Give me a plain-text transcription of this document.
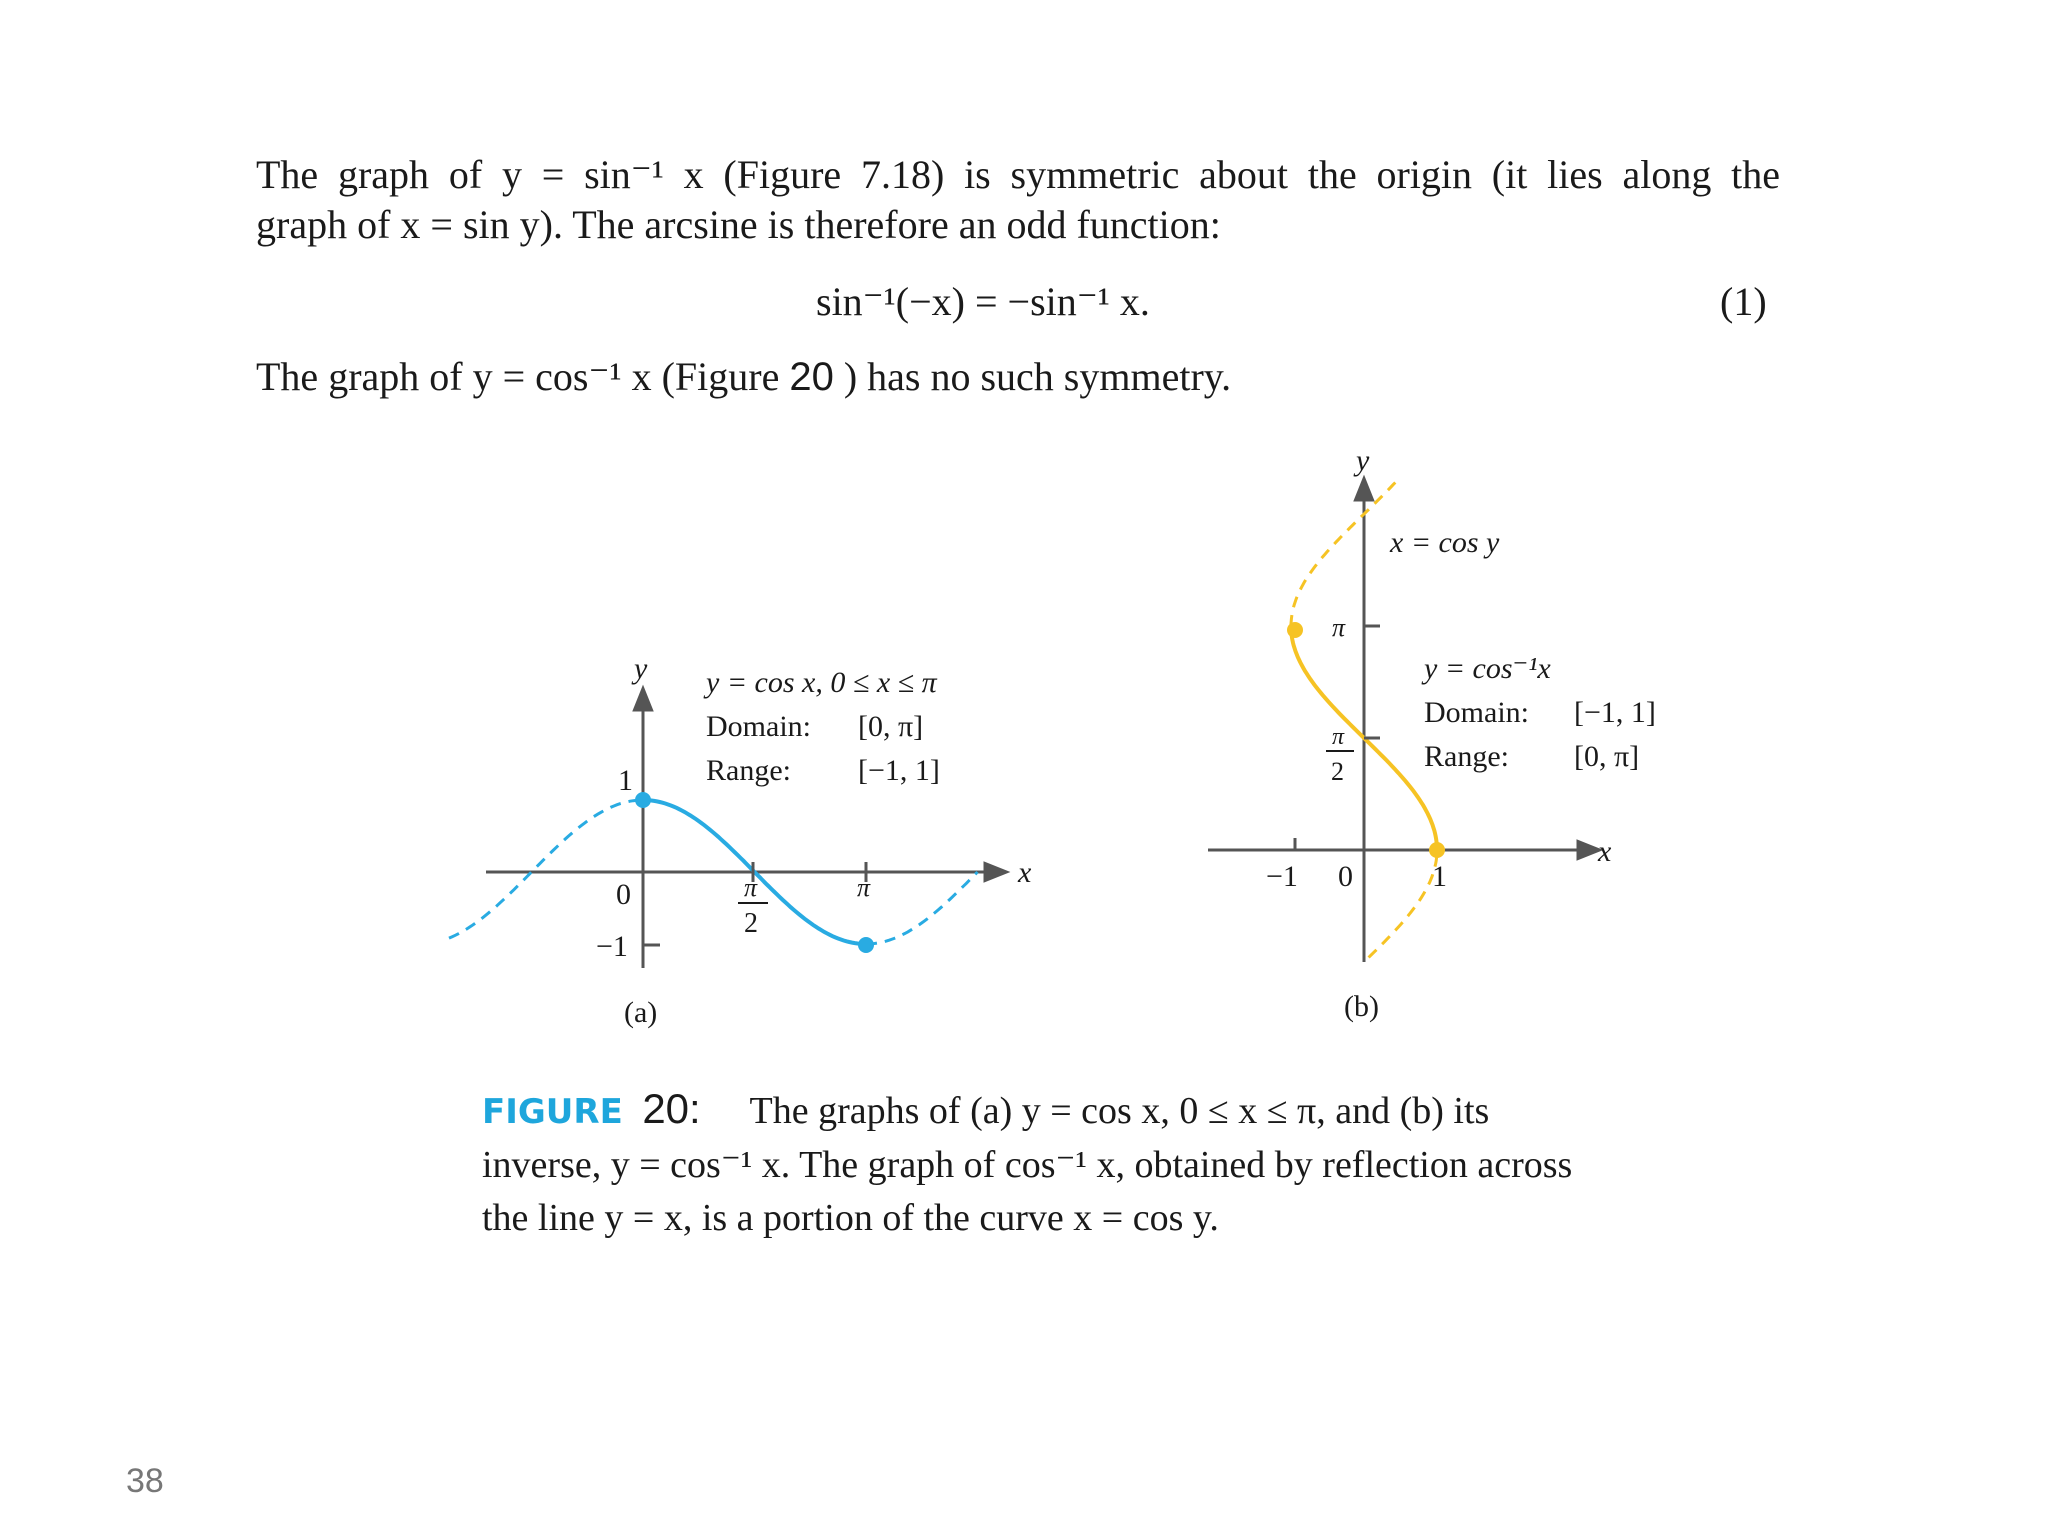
The graph of y = sin⁻¹ x (Figure 7.18) is symmetric about the origin (it lies along the
graph of x = sin y). The arcsine is therefore an odd function:
sin⁻¹(−x) = −sin⁻¹ x.	(1)
The graph of y = cos⁻¹ x (Figure 20 ) has no such symmetry.
x
y
1
−1
0	π
2
π
y = cos x, 0 ≤ x ≤ π
Domain: [0, π]
Range: [−1, 1]
(a)
x
y
−1 0	1
π
π
2
x = cos y
y = cos⁻¹x
Domain: [−1, 1]
Range: [0, π]
(b)
FIGURE 20: The graphs of (a) y = cos x, 0 ≤ x ≤ π, and (b) its
inverse, y = cos⁻¹ x. The graph of cos⁻¹ x, obtained by reflection across
the line y = x, is a portion of the curve x = cos y.
38
